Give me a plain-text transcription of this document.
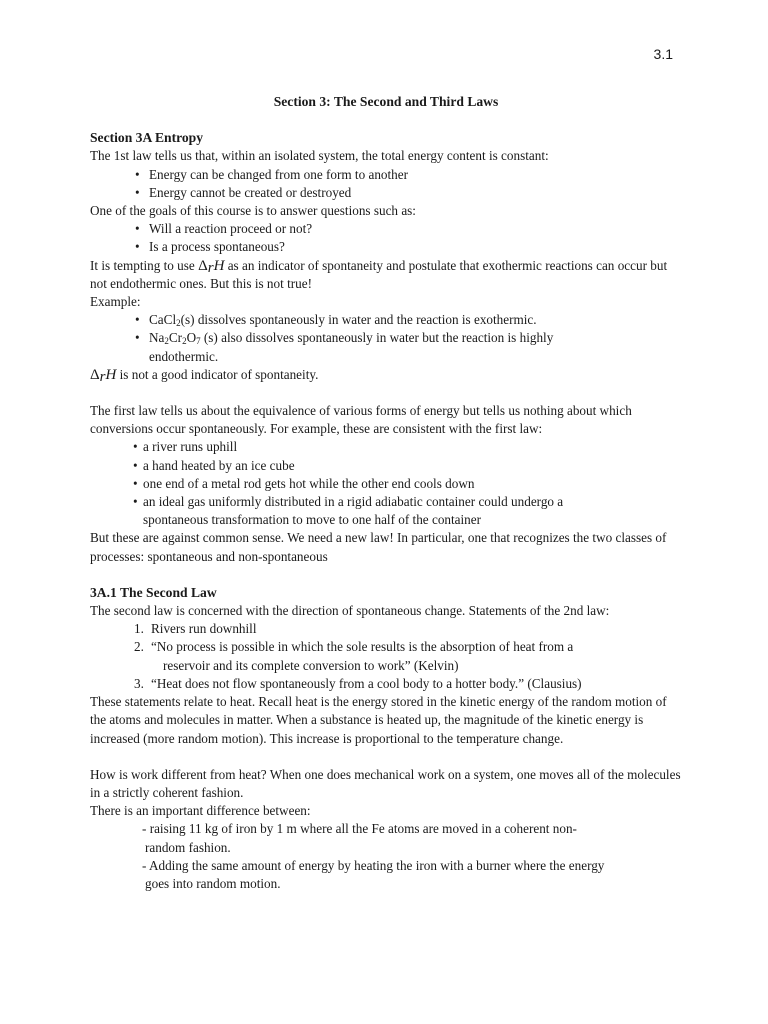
3.1

Section 3: The Second and Third Laws

Section 3A Entropy

The 1st law tells us that, within an isolated system, the total energy content is constant:

• Energy can be changed from one form to another
• Energy cannot be created or destroyed

One of the goals of this course is to answer questions such as:

• Will a reaction proceed or not?
• Is a process spontaneous?

It is tempting to use $\Delta_rH$ as an indicator of spontaneity and postulate that exothermic reactions can occur but not endothermic ones. But this is not true!

Example:

• CaCl$_2$(s) dissolves spontaneously in water and the reaction is exothermic.
• $Na_2Cr_2O_7$ (s) also dissolves spontaneously in water but the reaction is highly
endothermic.

$\Delta_rH$ is not a good indicator of spontaneity.

The first law tells us about the equivalence of various forms of energy but tells us nothing about which conversions occur spontaneously. For example, these are consistent with the first law:

• a river runs uphill
• a hand heated by an ice cube
• one end of a metal rod gets hot while the other end cools down
• an ideal gas uniformly distributed in a rigid adiabatic container could undergo a
spontaneous transformation to move to one half of the container

But these are against common sense. We need a new law! In particular, one that recognizes the two classes of processes: spontaneous and non-spontaneous

3A.1 The Second Law

The second law is concerned with the direction of spontaneous change. Statements of the 2nd law:

1. Rivers run downhill
2. “No process is possible in which the sole results is the absorption of heat from a
reservoir and its complete conversion to work” (Kelvin)
3. “Heat does not flow spontaneously from a cool body to a hotter body.” (Clausius)

These statements relate to heat. Recall heat is the energy stored in the kinetic energy of the random motion of the atoms and molecules in matter. When a substance is heated up, the magnitude of the kinetic energy is increased (more random motion). This increase is proportional to the temperature change.

How is work different from heat? When one does mechanical work on a system, one moves all of the molecules in a strictly coherent fashion.

There is an important difference between:

- raising 11 kg of iron by 1 m where all the Fe atoms are moved in a coherent non-
random fashion.
- Adding the same amount of energy by heating the iron with a burner where the energy
goes into random motion.
